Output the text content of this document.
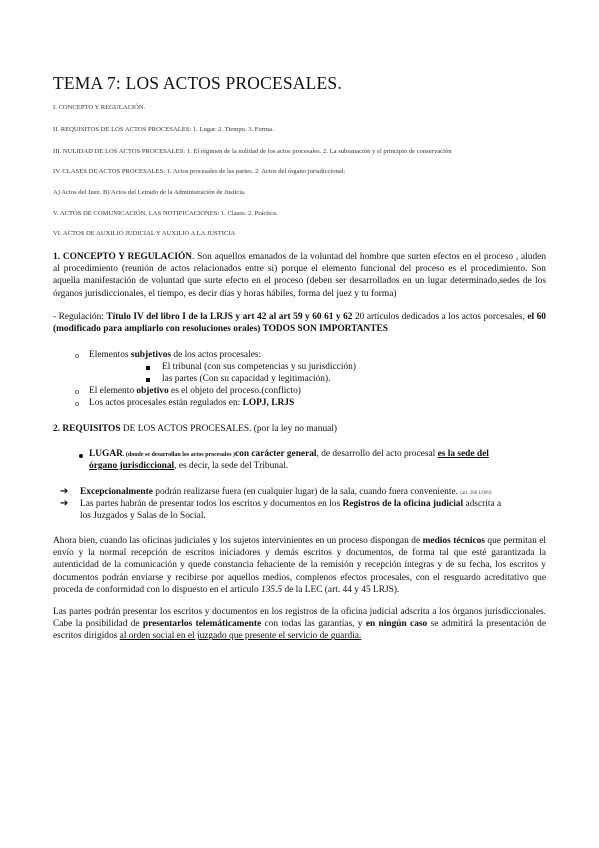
TEMA 7: LOS ACTOS PROCESALES.
I. CONCEPTO Y REGULACIÓN.
II. REQUISITOS DE LOS ACTOS PROCESALES: 1. Lugar. 2. Tiempo. 3. Forma.
III. NULIDAD DE LOS ACTOS PROCESALES: 1. El régimen de la nulidad de los actos procesales. 2. La subsanación y el principio de conservación
IV. CLASES DE ACTOS PROCESALES: 1. Actos procesales de las partes. 2. Actos del órgano jurisdiccional:
A) Actos del Juez. B) Actos del Letrado de la Administración de Justicia.
V. ACTOS DE COMUNICACIÓN. LAS NOTIFICACIONES: 1. Clases. 2. Práctica.
VI. ACTOS DE AUXILIO JUDICIAL Y AUXILIO A LA JUSTICIA
1. CONCEPTO Y REGULACIÓN. Son aquellos emanados de la voluntad del hombre que surten efectos en el proceso , aluden al procedimiento (reunión de actos relacionados entre si) porque el elemento funcional del proceso es el procedimiento. Son aquella manifestación de voluntad que surte efecto en el proceso (deben ser desarrollados en un lugar determinado,sedes de los órganos jurisdiccionales, el tiempo, es decir días y horas hábiles, forma del juez y tu forma)
- Regulación: Título IV del libro I de la LRJS y art 42 al art 59 y 60 61 y 62 20 artículos dedicados a los actos porcesales, el 60 (modificado para ampliarlo con resoluciones orales) TODOS SON IMPORTANTES
o Elementos subjetivos de los actos procesales:
El tribunal (con sus competencias y su jurisdicción)
las partes (Con su capacidad y legitimación).
o El elemento objetivo es el objeto del proceso.(conflicto)
o Los actos procesales están regulados en: LOPJ, LRJS
2. REQUISITOS DE LOS ACTOS PROCESALES. (por la ley no manual)
LUGAR. (donde se desarrollan los actos procesales )con carácter general, de desarrollo del acto procesal es la sede del
órgano jurisdiccional, es decir, la sede del Tribunal.
➔ Excepcionalmente podrán realizarse fuera (en cualquier lugar) de la sala, cuando fuera conveniente. (art. 268 LOPJ)
➔ Las partes habrán de presentar todos los escritos y documentos en los Registros de la oficina judicial adscrita a
los Juzgados y Salas de lo Social.
Ahora bien, cuando las oficinas judiciales y los sujetos intervinientes en un proceso dispongan de medios técnicos que permitan el envío y la normal recepción de escritos iniciadores y demás escritos y documentos, de forma tal que esté garantizada la autenticidad de la comunicación y quede constancia fehaciente de la remisión y recepción íntegras y de su fecha, los escritos y documentos podrán enviarse y recibirse por aquellos medios, complenos efectos procesales, con el resguardo acreditativo que proceda de conformidad con lo dispuesto en el artículo 135.5 de la LEC (art. 44 y 45 LRJS).
Las partes podrán presentar los escritos y documentos en los registros de la oficina judicial adscrita a los órganos jurisdiccionales. Cabe la posibilidad de presentarlos telemáticamente con todas las garantías, y en ningún caso se admitirá la presentación de escritos dirigidos al orden social en el juzgado que presente el servicio de guardia.
